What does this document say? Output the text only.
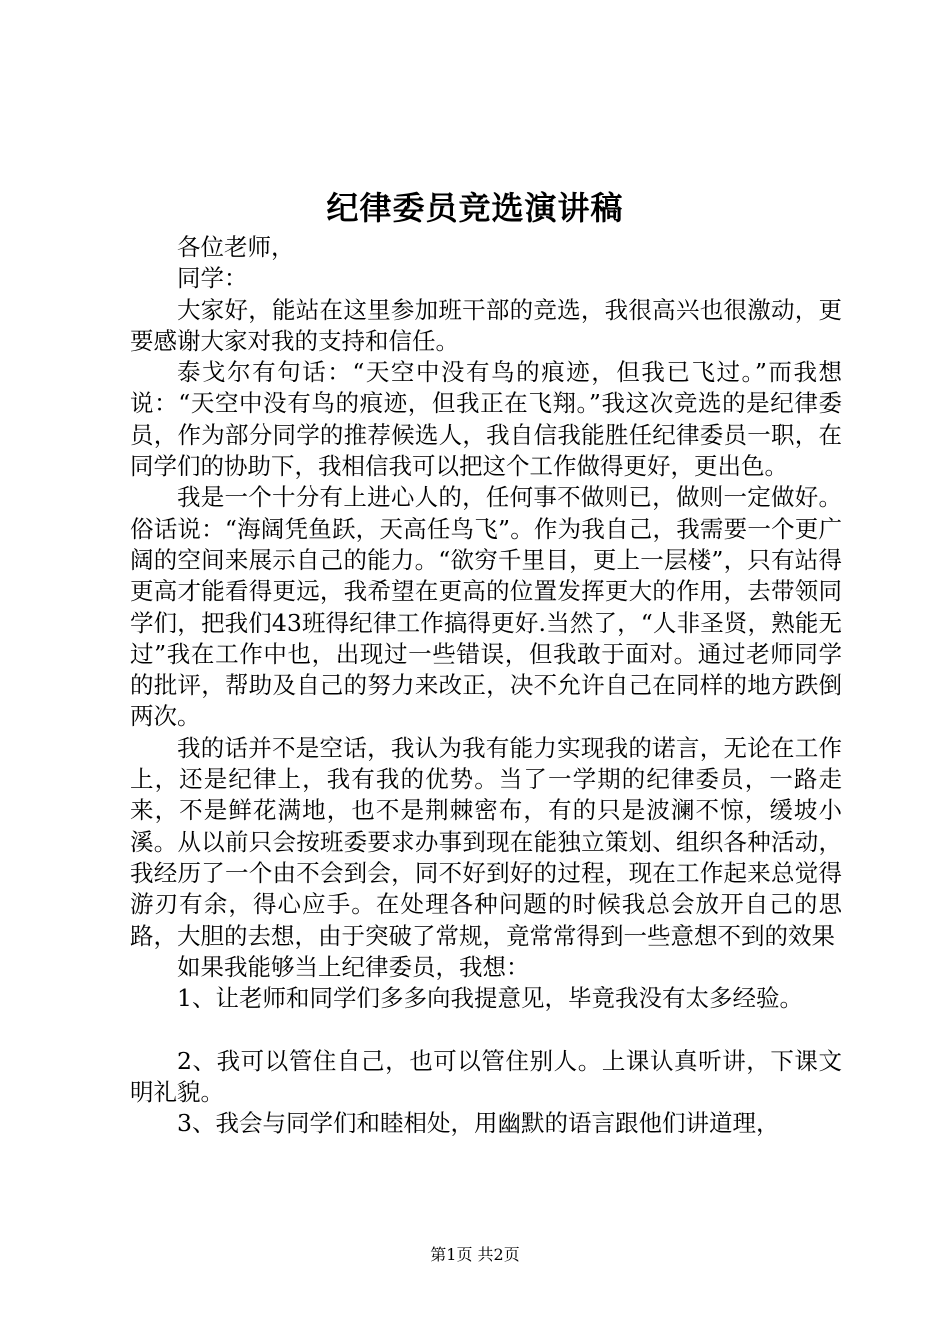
纪律委员竞选演讲稿

各位老师，

同学：

大家好，能站在这里参加班干部的竞选，我很高兴也很激动，更要感谢大家对我的支持和信任。

泰戈尔有句话：“天空中没有鸟的痕迹，但我已飞过。”而我想说：“天空中没有鸟的痕迹，但我正在飞翔。”我这次竞选的是纪律委员，作为部分同学的推荐候选人，我自信我能胜任纪律委员一职，在同学们的协助下，我相信我可以把这个工作做得更好，更出色。

我是一个十分有上进心人的，任何事不做则已，做则一定做好。俗话说：“海阔凭鱼跃，天高任鸟飞”。作为我自己，我需要一个更广阔的空间来展示自己的能力。“欲穷千里目，更上一层楼”，只有站得更高才能看得更远，我希望在更高的位置发挥更大的作用，去带领同学们，把我们43班得纪律工作搞得更好.当然了，“人非圣贤，熟能无过”我在工作中也，出现过一些错误，但我敢于面对。通过老师同学的批评，帮助及自己的努力来改正，决不允许自己在同样的地方跌倒两次。

我的话并不是空话，我认为我有能力实现我的诺言，无论在工作上，还是纪律上，我有我的优势。当了一学期的纪律委员，一路走来，不是鲜花满地，也不是荆棘密布，有的只是波澜不惊，缓坡小溪。从以前只会按班委要求办事到现在能独立策划、组织各种活动，我经历了一个由不会到会，同不好到好的过程，现在工作起来总觉得游刃有余，得心应手。在处理各种问题的时候我总会放开自己的思路，大胆的去想，由于突破了常规，竟常常得到一些意想不到的效果

如果我能够当上纪律委员，我想：

1、让老师和同学们多多向我提意见，毕竟我没有太多经验。

2、我可以管住自己，也可以管住别人。上课认真听讲，下课文明礼貌。

3、我会与同学们和睦相处，用幽默的语言跟他们讲道理，

第1页 共2页
